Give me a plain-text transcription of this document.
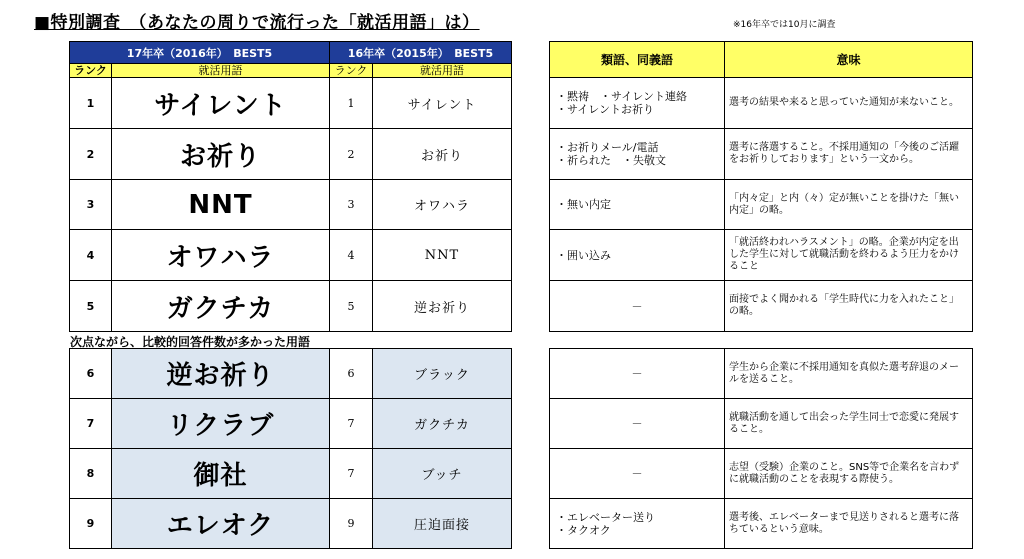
■特別調査　（あなたの周りで流行った「就活用語」は）	※16年卒では10月に調査
17年卒（2016年）　BEST5		16年卒（2015年）　BEST5	
ランク	就活用語	ランク	就活用語
1	サイレント	1	サイレント
2	お祈り	2	お祈り
3	NNT	3	オワハラ
4	オワハラ	4	NNT
5	ガクチカ	5	逆お祈り
類語、同義語	意味

・黙祷　・サイレント連絡
・サイレントお祈り	選考の結果や来ると思っていた通知が来ないこと。

・お祈りメール/電話
・祈られた　・失敬文	選考に落選すること。不採用通知の「今後のご活躍をお祈りしております」という一文から。

・無い内定	「内々定」と内（々）定が無いことを掛けた「無い内定」の略。

・囲い込み	「就活終われハラスメント」の略。企業が内定を出した学生に対して就職活動を終わるよう圧力をかけること
－	面接でよく聞かれる「学生時代に力を入れたこと」の略。
次点ながら、比較的回答件数が多かった用語
6	逆お祈り	6	ブラック
7	リクラブ	7	ガクチカ
8	御社	7	ブッチ
9	エレオク	9	圧迫面接
－	学生から企業に不採用通知を真似た選考辞退のメールを送ること。
－	就職活動を通して出会った学生同士で恋愛に発展すること。
－	志望（受験）企業のこと。SNS等で企業名を言わずに就職活動のことを表現する際使う。

・エレベーター送り
・タクオク	選考後、エレベーターまで見送りされると選考に落ちているという意味。
